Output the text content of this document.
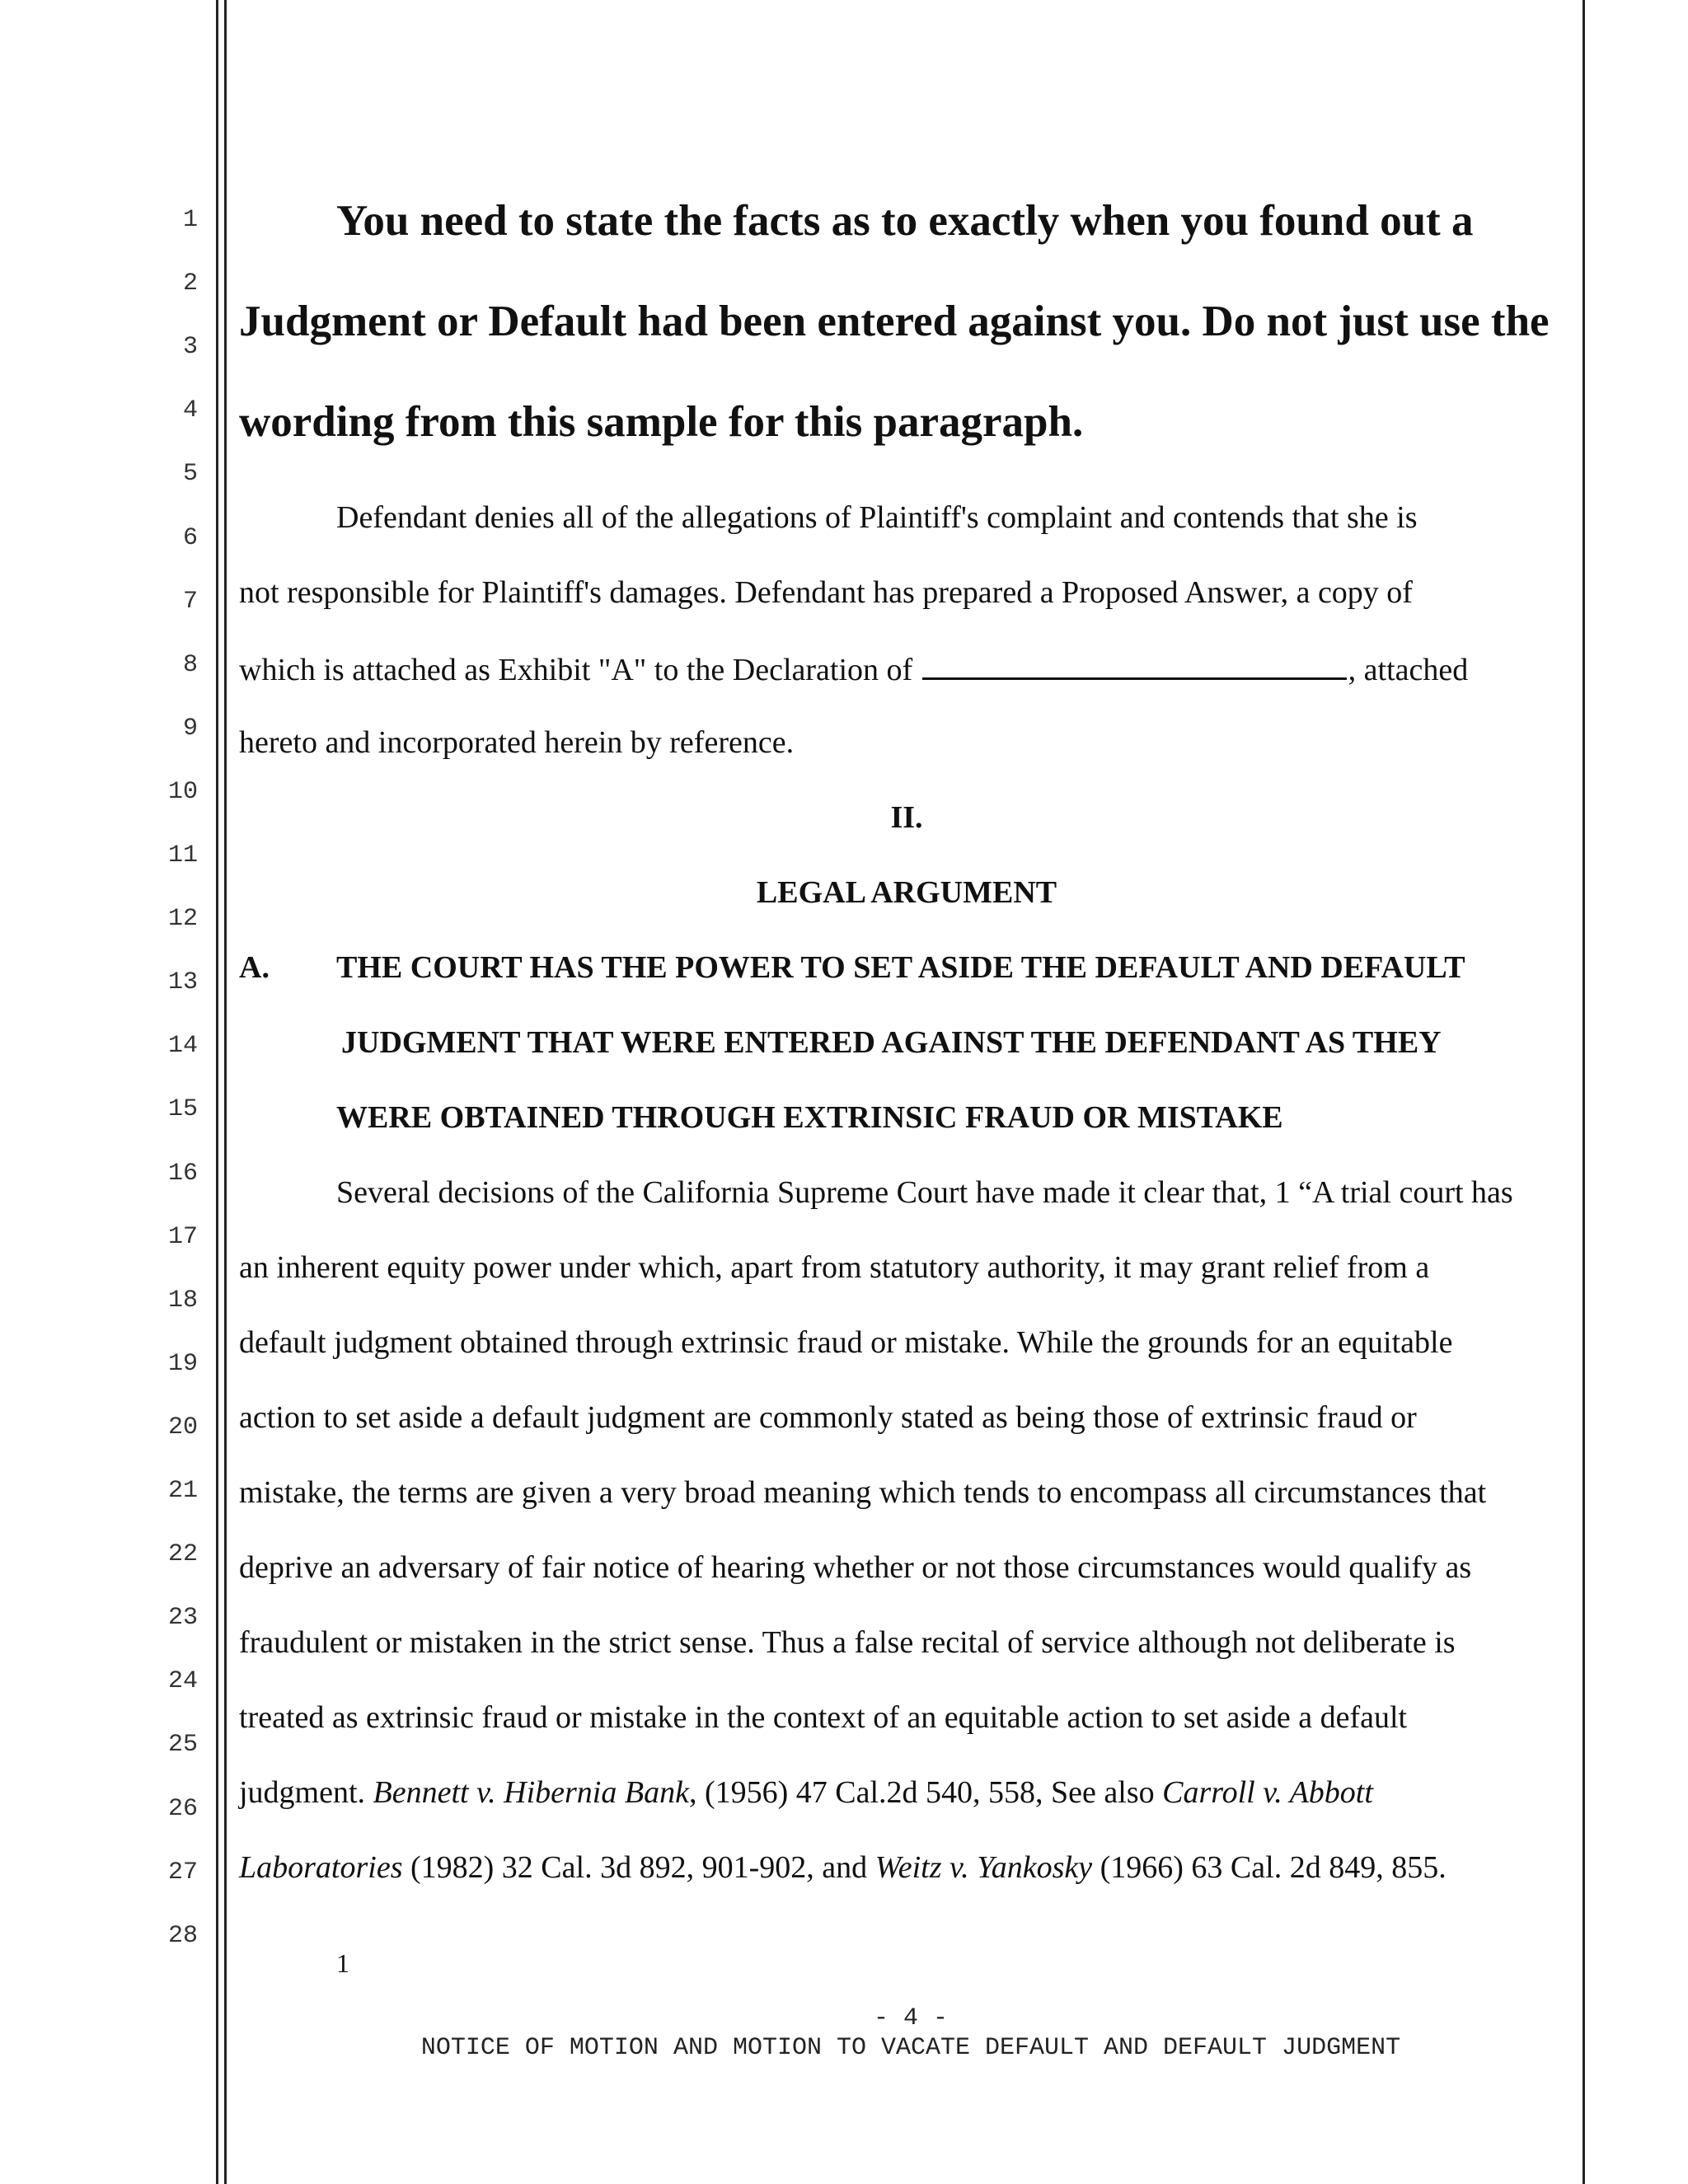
1
2
3
4
5
6
7
8
9
10
11
12
13
14
15
16
17
18
19
20
21
22
23
24
25
26
27
28
You need to state the facts as to exactly when you found out a
Judgment or Default had been entered against you. Do not just use the
wording from this sample for this paragraph.
Defendant denies all of the allegations of Plaintiff's complaint and contends that she is
not responsible for Plaintiff's damages. Defendant has prepared a Proposed Answer, a copy of
which is attached as Exhibit "A" to the Declaration of	, attached
hereto and incorporated herein by reference.
II.
LEGAL ARGUMENT
A. THE COURT HAS THE POWER TO SET ASIDE THE DEFAULT AND DEFAULT
JUDGMENT THAT WERE ENTERED AGAINST THE DEFENDANT AS THEY
WERE OBTAINED THROUGH EXTRINSIC FRAUD OR MISTAKE
Several decisions of the California Supreme Court have made it clear that, 1 “A trial court has
an inherent equity power under which, apart from statutory authority, it may grant relief from a
default judgment obtained through extrinsic fraud or mistake. While the grounds for an equitable
action to set aside a default judgment are commonly stated as being those of extrinsic fraud or
mistake, the terms are given a very broad meaning which tends to encompass all circumstances that
deprive an adversary of fair notice of hearing whether or not those circumstances would qualify as
fraudulent or mistaken in the strict sense. Thus a false recital of service although not deliberate is
treated as extrinsic fraud or mistake in the context of an equitable action to set aside a default
judgment. Bennett v. Hibernia Bank, (1956) 47 Cal.2d 540, 558, See also Carroll v. Abbott
Laboratories (1982) 32 Cal. 3d 892, 901-902, and Weitz v. Yankosky (1966) 63 Cal. 2d 849, 855.
1
- 4 -
NOTICE OF MOTION AND MOTION TO VACATE DEFAULT AND DEFAULT JUDGMENT
